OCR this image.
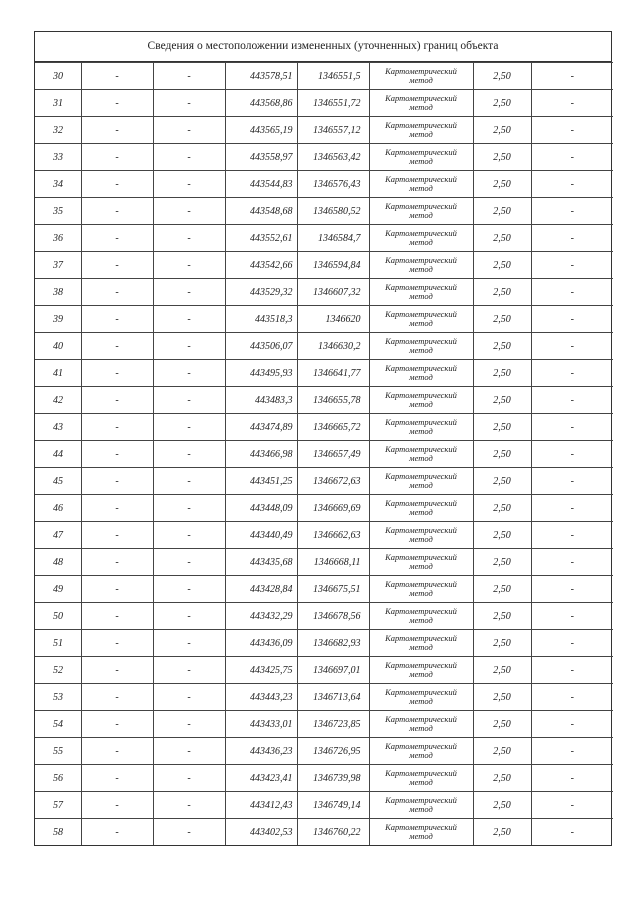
Сведения о местоположении измененных (уточненных) границ объекта
30	-	-	443578,51	1346551,5	Картометрический
метод	2,50	-
31	-	-	443568,86	1346551,72	Картометрический
метод	2,50	-
32	-	-	443565,19	1346557,12	Картометрический
метод	2,50	-
33	-	-	443558,97	1346563,42	Картометрический
метод	2,50	-
34	-	-	443544,83	1346576,43	Картометрический
метод	2,50	-
35	-	-	443548,68	1346580,52	Картометрический
метод	2,50	-
36	-	-	443552,61	1346584,7	Картометрический
метод	2,50	-
37	-	-	443542,66	1346594,84	Картометрический
метод	2,50	-
38	-	-	443529,32	1346607,32	Картометрический
метод	2,50	-
39	-	-	443518,3	1346620	Картометрический
метод	2,50	-
40	-	-	443506,07	1346630,2	Картометрический
метод	2,50	-
41	-	-	443495,93	1346641,77	Картометрический
метод	2,50	-
42	-	-	443483,3	1346655,78	Картометрический
метод	2,50	-
43	-	-	443474,89	1346665,72	Картометрический
метод	2,50	-
44	-	-	443466,98	1346657,49	Картометрический
метод	2,50	-
45	-	-	443451,25	1346672,63	Картометрический
метод	2,50	-
46	-	-	443448,09	1346669,69	Картометрический
метод	2,50	-
47	-	-	443440,49	1346662,63	Картометрический
метод	2,50	-
48	-	-	443435,68	1346668,11	Картометрический
метод	2,50	-
49	-	-	443428,84	1346675,51	Картометрический
метод	2,50	-
50	-	-	443432,29	1346678,56	Картометрический
метод	2,50	-
51	-	-	443436,09	1346682,93	Картометрический
метод	2,50	-
52	-	-	443425,75	1346697,01	Картометрический
метод	2,50	-
53	-	-	443443,23	1346713,64	Картометрический
метод	2,50	-
54	-	-	443433,01	1346723,85	Картометрический
метод	2,50	-
55	-	-	443436,23	1346726,95	Картометрический
метод	2,50	-
56	-	-	443423,41	1346739,98	Картометрический
метод	2,50	-
57	-	-	443412,43	1346749,14	Картометрический
метод	2,50	-
58	-	-	443402,53	1346760,22	Картометрический
метод	2,50	-
